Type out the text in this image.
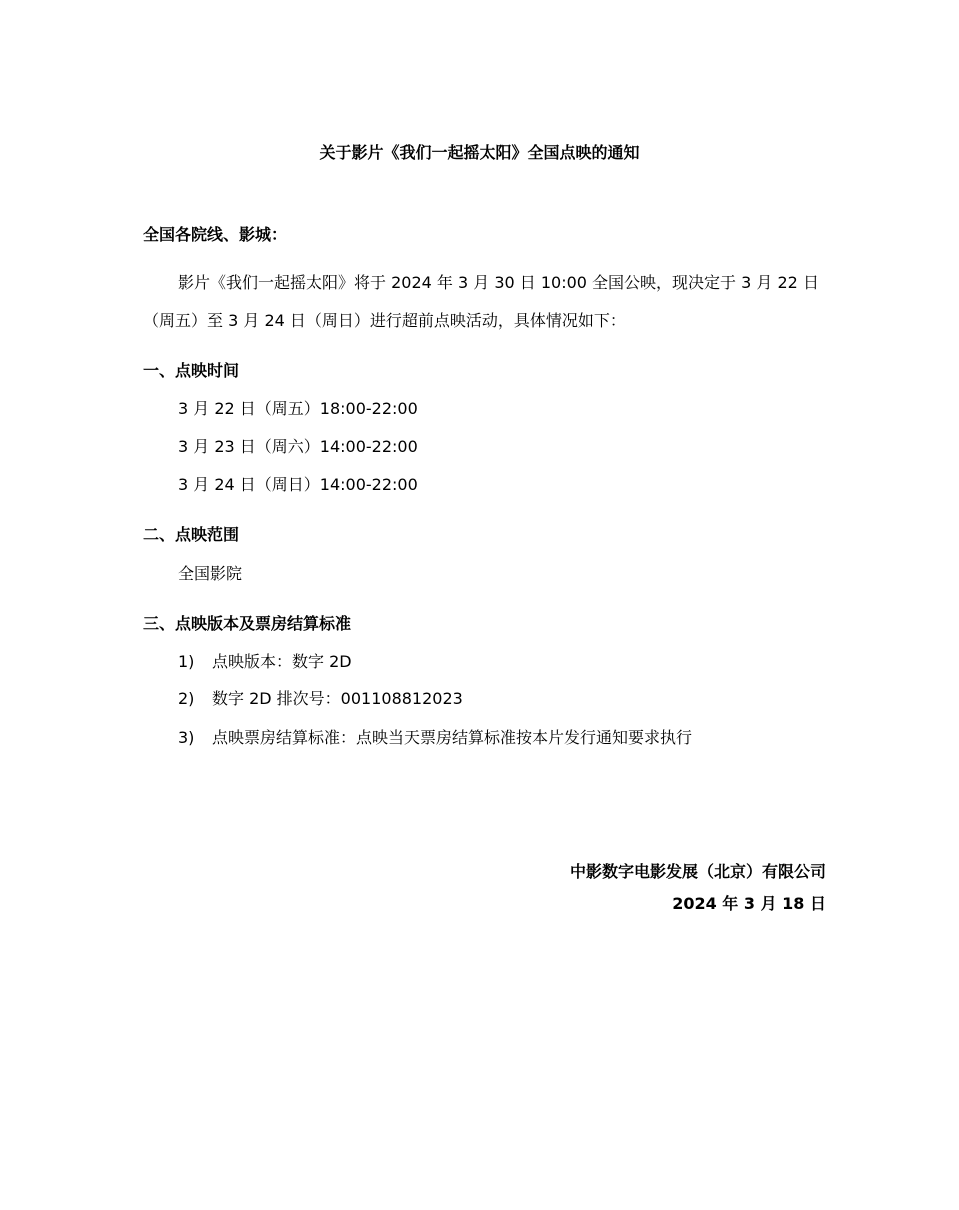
关于影片《我们一起摇太阳》全国点映的通知
全国各院线、影城：
影片《我们一起摇太阳》将于 2024 年 3 月 30 日 10:00 全国公映，现决定于 3 月 22 日
（周五）至 3 月 24 日（周日）进行超前点映活动，具体情况如下：
一、点映时间
3 月 22 日（周五）18:00-22:00
3 月 23 日（周六）14:00-22:00
3 月 24 日（周日）14:00-22:00
二、点映范围
全国影院
三、点映版本及票房结算标准
1) 点映版本：数字 2D
2) 数字 2D 排次号：001108812023
3) 点映票房结算标准：点映当天票房结算标准按本片发行通知要求执行
中影数字电影发展（北京）有限公司
2024 年 3 月 18 日
